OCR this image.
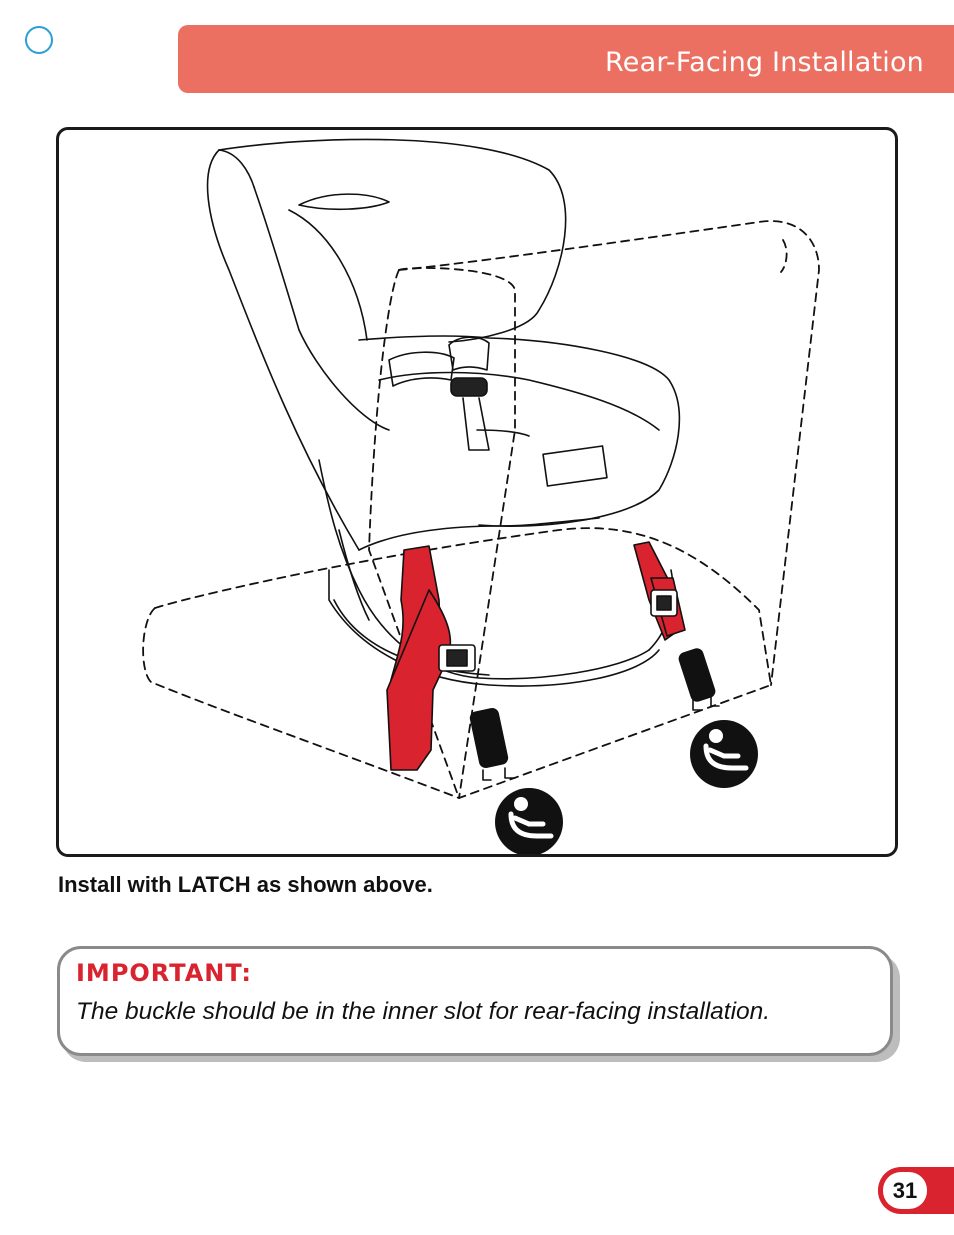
Rear-Facing Installation
Install with LATCH as shown above.
IMPORTANT:
The buckle should be in the inner slot for rear-facing installation.
31
